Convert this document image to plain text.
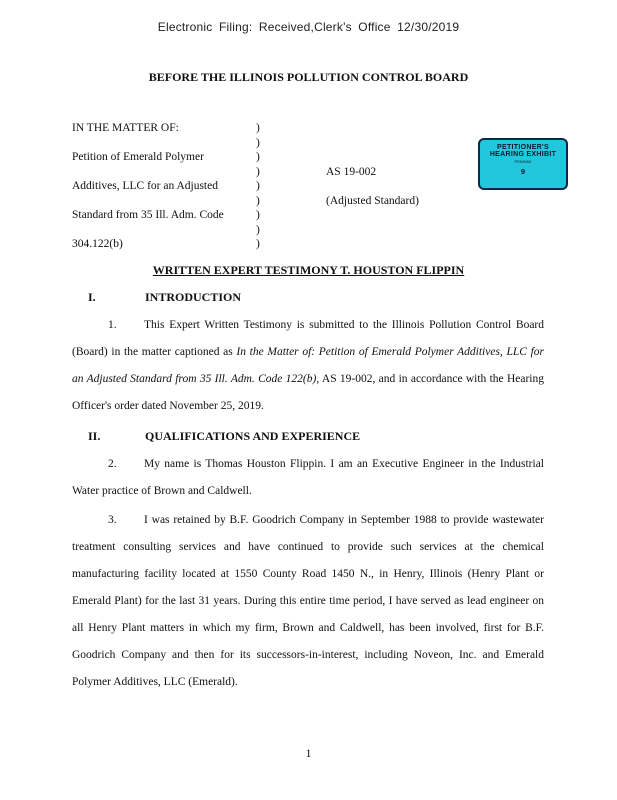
Electronic Filing: Received,Clerk's Office 12/30/2019
BEFORE THE ILLINOIS POLLUTION CONTROL BOARD
IN THE MATTER OF:
Petition of Emerald Polymer
Additives, LLC for an Adjusted
Standard from 35 Ill. Adm. Code
304.122(b)
)
)
)
)
)
)
)
)
)
AS 19-002
(Adjusted Standard)
PETITIONER'S
HEARING EXHIBIT
PENGAD
9
WRITTEN EXPERT TESTIMONY T. HOUSTON FLIPPIN
I.	INTRODUCTION
1. This Expert Written Testimony is submitted to the Illinois Pollution Control Board (Board) in the matter captioned as In the Matter of: Petition of Emerald Polymer Additives, LLC for an Adjusted Standard from 35 Ill. Adm. Code 122(b), AS 19-002, and in accordance with the Hearing Officer's order dated November 25, 2019.
II.	QUALIFICATIONS AND EXPERIENCE
2. My name is Thomas Houston Flippin. I am an Executive Engineer in the Industrial Water practice of Brown and Caldwell.
3. I was retained by B.F. Goodrich Company in September 1988 to provide wastewater treatment consulting services and have continued to provide such services at the chemical manufacturing facility located at 1550 County Road 1450 N., in Henry, Illinois (Henry Plant or Emerald Plant) for the last 31 years. During this entire time period, I have served as lead engineer on all Henry Plant matters in which my firm, Brown and Caldwell, has been involved, first for B.F. Goodrich Company and then for its successors-in-interest, including Noveon, Inc. and Emerald Polymer Additives, LLC (Emerald).
1
